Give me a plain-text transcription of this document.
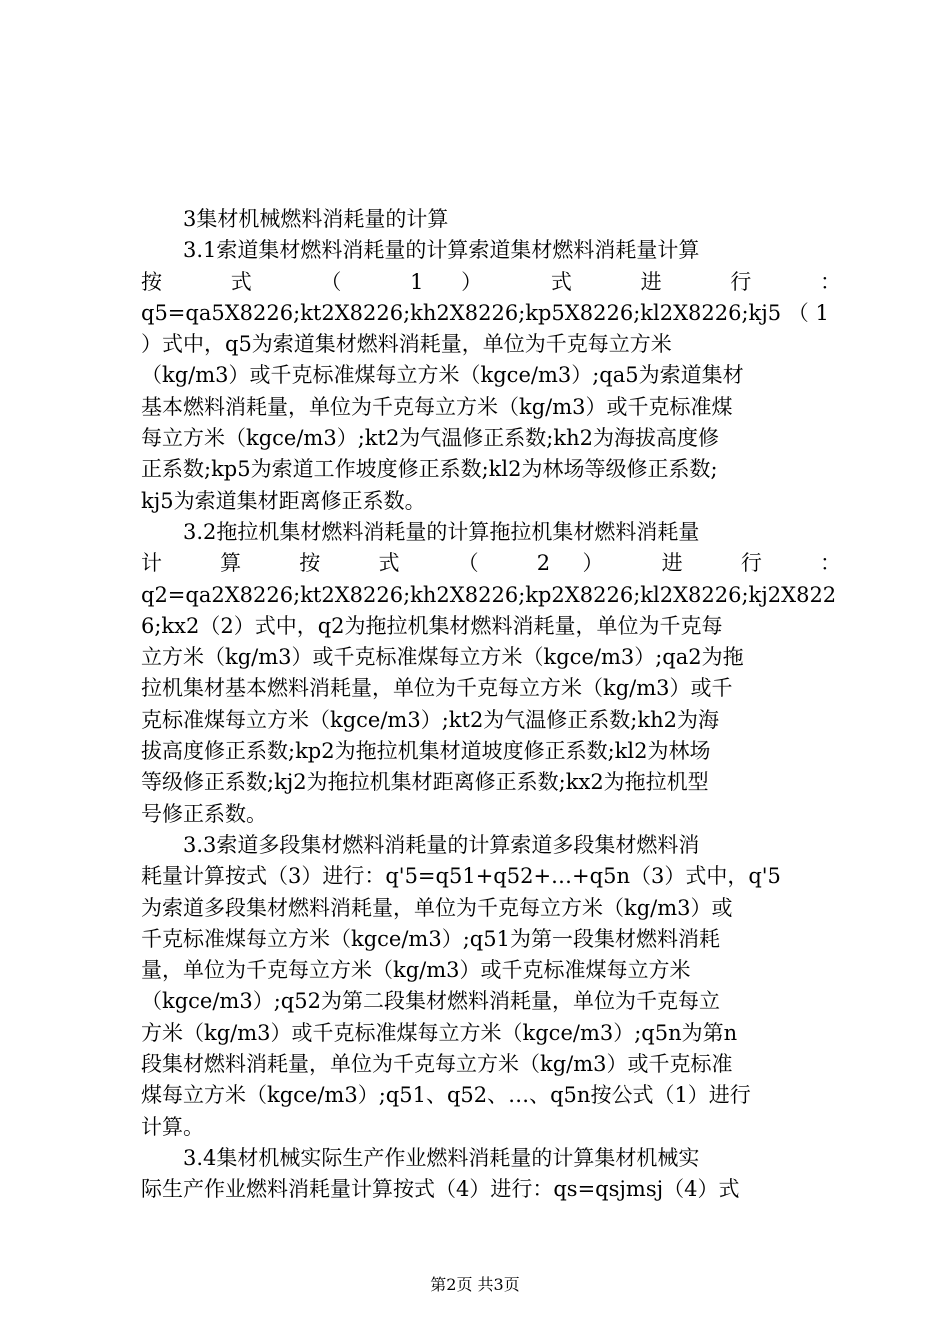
3集材机械燃料消耗量的计算
3.1索道集材燃料消耗量的计算索道集材燃料消耗量计算
按 式 （ 1 ） 式 进 行 ：
q5=qa5X8226;kt2X8226;kh2X8226;kp5X8226;kl2X8226;kj5 （ 1
）式中，q5为索道集材燃料消耗量，单位为千克每立方米
（kg/m3）或千克标准煤每立方米（kgce/m3）;qa5为索道集材
基本燃料消耗量，单位为千克每立方米（kg/m3）或千克标准煤
每立方米（kgce/m3）;kt2为气温修正系数;kh2为海拔高度修
正系数;kp5为索道工作坡度修正系数;kl2为林场等级修正系数;
kj5为索道集材距离修正系数。
3.2拖拉机集材燃料消耗量的计算拖拉机集材燃料消耗量
计 算 按 式 （ 2 ） 进 行 ：
q2=qa2X8226;kt2X8226;kh2X8226;kp2X8226;kl2X8226;kj2X822
6;kx2（2）式中，q2为拖拉机集材燃料消耗量，单位为千克每
立方米（kg/m3）或千克标准煤每立方米（kgce/m3）;qa2为拖
拉机集材基本燃料消耗量，单位为千克每立方米（kg/m3）或千
克标准煤每立方米（kgce/m3）;kt2为气温修正系数;kh2为海
拔高度修正系数;kp2为拖拉机集材道坡度修正系数;kl2为林场
等级修正系数;kj2为拖拉机集材距离修正系数;kx2为拖拉机型
号修正系数。
3.3索道多段集材燃料消耗量的计算索道多段集材燃料消
耗量计算按式（3）进行：q'5=q51+q52+…+q5n（3）式中，q'5
为索道多段集材燃料消耗量，单位为千克每立方米（kg/m3）或
千克标准煤每立方米（kgce/m3）;q51为第一段集材燃料消耗
量，单位为千克每立方米（kg/m3）或千克标准煤每立方米
（kgce/m3）;q52为第二段集材燃料消耗量，单位为千克每立
方米（kg/m3）或千克标准煤每立方米（kgce/m3）;q5n为第n
段集材燃料消耗量，单位为千克每立方米（kg/m3）或千克标准
煤每立方米（kgce/m3）;q51、q52、…、q5n按公式（1）进行
计算。
3.4集材机械实际生产作业燃料消耗量的计算集材机械实
际生产作业燃料消耗量计算按式（4）进行：qs=qsjmsj（4）式
第2页 共3页
